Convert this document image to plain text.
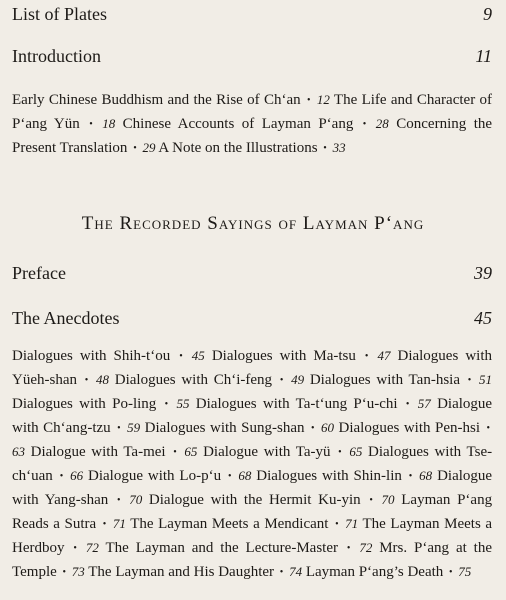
List of Plates	9
Introduction	11
Early Chinese Buddhism and the Rise of Ch‘an • 12 The Life and Character of P‘ang Yün • 18 Chinese Accounts of Layman P‘ang • 28 Concerning the Present Translation • 29 A Note on the Illustrations • 33
The Recorded Sayings of Layman P‘ang
Preface	39
The Anecdotes	45
Dialogues with Shih-t‘ou • 45 Dialogues with Ma-tsu • 47 Dialogues with Yüeh-shan • 48 Dialogues with Ch‘i-feng • 49 Dialogues with Tan-hsia • 51 Dialogues with Po-ling • 55 Dialogues with Ta-t‘ung P‘u-chi • 57 Dialogue with Ch‘ang-tzu • 59 Dialogues with Sung-shan • 60 Dialogues with Pen-hsi • 63 Dialogue with Ta-mei • 65 Dialogue with Ta-yü • 65 Dialogues with Tse-ch‘uan • 66 Dialogue with Lo-p‘u • 68 Dialogues with Shin-lin • 68 Dialogue with Yang-shan • 70 Dialogue with the Hermit Ku-yin • 70 Layman P‘ang Reads a Sutra • 71 The Layman Meets a Mendicant • 71 The Layman Meets a Herdboy • 72 The Layman and the Lecture-Master • 72 Mrs. P‘ang at the Temple • 73 The Layman and His Daughter • 74 Layman P‘ang’s Death • 75
